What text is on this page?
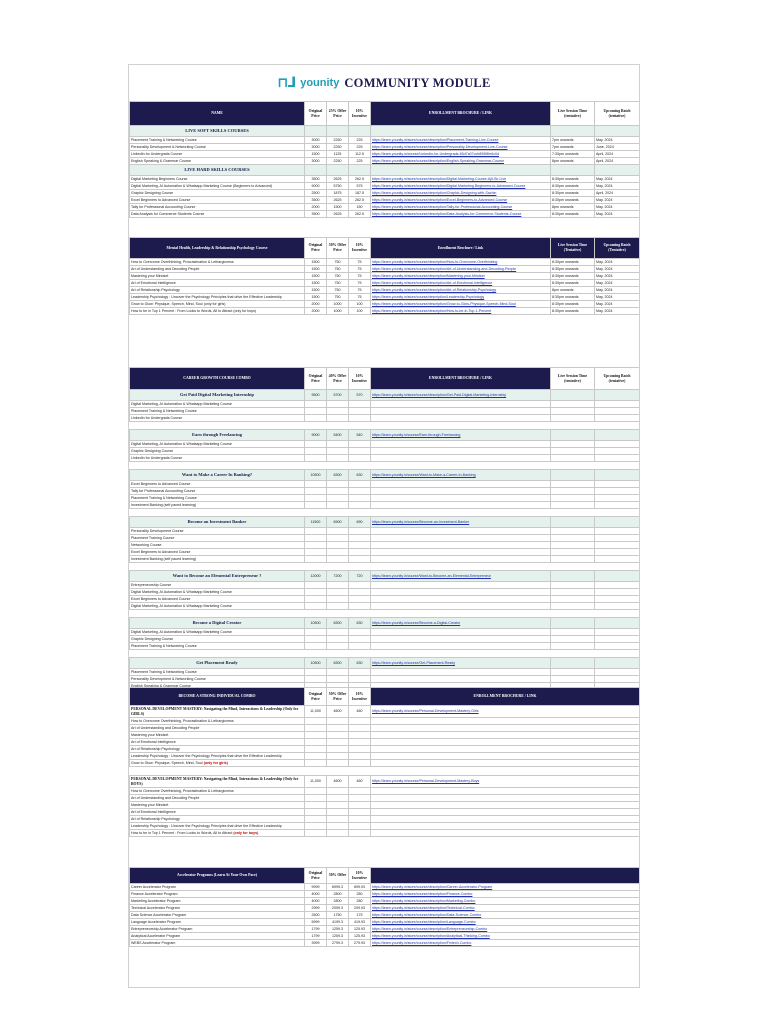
⊓ᒧ younity COMMUNITY MODULE
NAME	Original Price	25% Offer Price	10% Incentive	ENROLLMENT BROCHURE / LINK	Live Session Time (tentative)	Upcoming Batch (tentative)
LIVE SOFT SKILLS COURSES						
Placement Training & Networking Course	3000	2250	225	https://learn.younity.in/store/course/description/Placement-Training-Live-Course	7pm onwards	May, 2024
Personality Development & Networking Course	3000	2250	225	https://learn.younity.in/store/course/description/Personality-Development-Live-Course	7pm onwards	June, 2024
LinkedIn for Undergrads Course	1500	1125	112.5	https://learn.younity.in/course/LinkedIn-for-Undergrads-65d7a07ccb895f8fe6c0d	7:30pm onwards	April, 2024
English Speaking & Grammar Course	3000	2250	225	https://learn.younity.in/store/course/description/English-Speaking-Grammar-Course	8pm onwards	April, 2024
LIVE HARD SKILLS COURSES						
Digital Marketing Beginners Course	3500	2625	262.5	https://learn.younity.in/store/course/description/Digital-Marketing-Course-Ajit-Sir-Live	8:30pm onwards	May, 2024
Digital Marketing, AI Automation & Whatsapp Marketing Course (Beginners to Advanced)	9000	5750	575	https://learn.younity.in/store/course/description/Digital-Marketing-Beginners-to-Advanced-Course	8:30pm onwards	May, 2024
Graphic Designing Course	2500	1875	187.5	https://learn.younity.in/store/course/description/Graphic-Designing-with-Sachin	8:30pm onwards	April, 2024
Excel Beginners to Advanced Course	3500	2625	262.5	https://learn.younity.in/store/course/description/Excel-Beginners-to-Advanced-Course	8:30pm onwards	May, 2024
Tally for Professional Accounting Course	2000	1500	150	https://learn.younity.in/store/course/description/Tally-for-Professional-Accounting-Course	8pm onwards	May, 2024
Data Analysis for Commerce Students Course	3500	2625	262.5	https://learn.younity.in/store/course/description/Data-Analysis-for-Commerce-Students-Course	8:30pm onwards	May, 2024
Mental Health, Leadership & Relationship Psychology Course	Original Price	50% Offer Price	10% Incentive	Enrollment Brochure / Link	Live Session Time (Tentative)	Upcoming Batch (Tentative)
How to Overcome Overthinking, Procrastination & Lethargicness	1500	750	75	https://learn.younity.in/store/course/description/How-to-Overcome-Overthinking	8:30pm onwards	May, 2024
Art of Understanding and Decoding People	1500	750	75	https://learn.younity.in/store/course/description/Art-of-Understanding-and-Decoding-People	8:30pm onwards	May, 2024
Mastering your Mindset	1500	750	75	https://learn.younity.in/store/course/description/Mastering-your-Mindset	8:30pm onwards	May, 2024
Art of Emotional Intelligence	1500	750	75	https://learn.younity.in/store/course/description/Art-of-Emotional-Intelligence	8:30pm onwards	May, 2024
Art of Relationship Psychology	1500	750	75	https://learn.younity.in/store/course/description/Art-of-Relationship-Psychology	8pm onwards	May, 2024
Leadership Psychology : Uncover the Psychology Principles that drive the Effective Leadership	1500	750	75	https://learn.younity.in/store/course/description/Leadership-Psychology	8:30pm onwards	May, 2024
Grow to Glow: Physique, Speech, Mind, Soul (only for girls)	2000	1000	100	https://learn.younity.in/store/course/description/Grow-to-Glow-Physique-Speech-Mind-Soul	8:30pm onwards	May, 2024
How to be in Top 1 Percent : From Looks to Words, All to Attract (only for boys)	2000	1000	100	https://learn.younity.in/store/course/description/How-to-be-in-Top-1-Percent	8:30pm onwards	May, 2024
CAREER GROWTH COURSE COMBO	Original Price	40% Offer Price	10% Incentive	ENROLLMENT BROCHURE / LINK	Live Session Time (tentative)	Upcoming Batch (tentative)
Get Paid Digital Marketing Internship	9500	5700	570	https://learn.younity.in/store/course/description/Get-Paid-Digital-Marketing-Internship		
Digital Marketing, AI Automation & Whatsapp Marketing Course						
Placement Training & Networking Course						
LinkedIn for Undergrads Course						

Earn through Freelancing	9000	5400	540	https://learn.younity.in/course/Earn-through-Freelancing		
Digital Marketing, AI Automation & Whatsapp Marketing Course						
Graphic Designing Course						
LinkedIn for Undergrads Course						

Want to Make a Career In Banking?	10500	6300	630	https://learn.younity.in/course/Want-to-Make-a-Career-In-Banking		
Excel Beginners to Advanced Course						
Tally for Professional Accounting Course						
Placement Training & Networking Course						
Investment Banking (self paced learning)						

Become an Investment Banker	11500	6900	690	https://learn.younity.in/course/Become-an-Investment-Banker		
Personality Development Course						
Placement Training Course						
Networking Course						
Excel Beginners to Advanced Course						
Investment Banking (self paced learning)						

Want to Become an Elemental Entrepreneur ?	12000	7200	720	https://learn.younity.in/course/Want-to-Become-an-Elemental-Entrepreneur		
Entrepreneurship Course						
Digital Marketing, AI Automation & Whatsapp Marketing Course						
Excel Beginners to Advanced Course						
Digital Marketing, AI Automation & Whatsapp Marketing Course						

Become a Digital Creator	10500	6300	630	https://learn.younity.in/course/Become-a-Digital-Creator		
Digital Marketing, AI Automation & Whatsapp Marketing Course						
Graphic Designing Course						
Placement Training & Networking Course						

Get Placement Ready	10500	6300	630	https://learn.younity.in/course/Get-Placement-Ready		
Placement Training & Networking Course						
Personality Development & Networking Course						
English Speaking & Grammar Course						

BECOME A STRONG INDIVIDUAL COMBO	Original Price	50% Offer Price	10% Incentive	ENROLLMENT BROCHURE / LINK
PERSONAL DEVELOPMENT MASTERY: Navigating the Mind, Interactions & Leadership (Only for GIRLS)	11,000	4600	460	https://learn.younity.in/course/Personal-Development-Mastery-Girls
How to Overcome Overthinking, Procrastination & Lethargicness				
Art of Understanding and Decoding People				
Mastering your Mindset				
Art of Emotional Intelligence				
Art of Relationship Psychology				
Leadership Psychology : Uncover the Psychology Principles that drive the Effective Leadership				
Grow to Glow: Physique, Speech, Mind, Soul (only for girls)				

PERSONAL DEVELOPMENT MASTERY: Navigating the Mind, Interactions & Leadership (Only for BOYS)	11,000	4600	460	https://learn.younity.in/course/Personal-Development-Mastery-Boys
How to Overcome Overthinking, Procrastination & Lethargicness				
Art of Understanding and Decoding People				
Mastering your Mindset				
Art of Emotional Intelligence				
Art of Relationship Psychology				
Leadership Psychology : Uncover the Psychology Principles that drive the Effective Leadership				
How to be in Top 1 Percent : From Looks to Words, All to Attract (only for boys)				
Accelerator Programs (Learn At Your Own Pace)	Original Price	30% Offer	10% Incentive	
Career Accelerator Program	9999	6999.3	699.93	https://learn.younity.in/store/course/description/Career-Accelerator-Program
Finance Accelerator Program	4000	2800	280	https://learn.younity.in/store/course/description/Finance-Combo
Marketing Accelerator Program	4000	2800	280	https://learn.younity.in/store/course/description/Marketing-Combo
Technical Accelerator Program	2999	2099.3	209.93	https://learn.younity.in/store/course/description/Technical-Combo
Data Science Accelerator Program	2500	1750	175	https://learn.younity.in/store/course/description/Data-Science-Combo
Language Accelerator Program	5999	4199.3	419.93	https://learn.younity.in/store/course/description/Language-Combo
Entrepreneurship Accelerator Program	1799	1259.3	125.93	https://learn.younity.in/store/course/description/Entrepreneurship-Combo
Analytical Accelerator Program	1799	1259.3	125.93	https://learn.younity.in/store/course/description/Analytical-Thinking-Combo
WEBS Accelerator Program	3999	2799.3	279.93	https://learn.younity.in/store/course/description/Fintech-Combo
